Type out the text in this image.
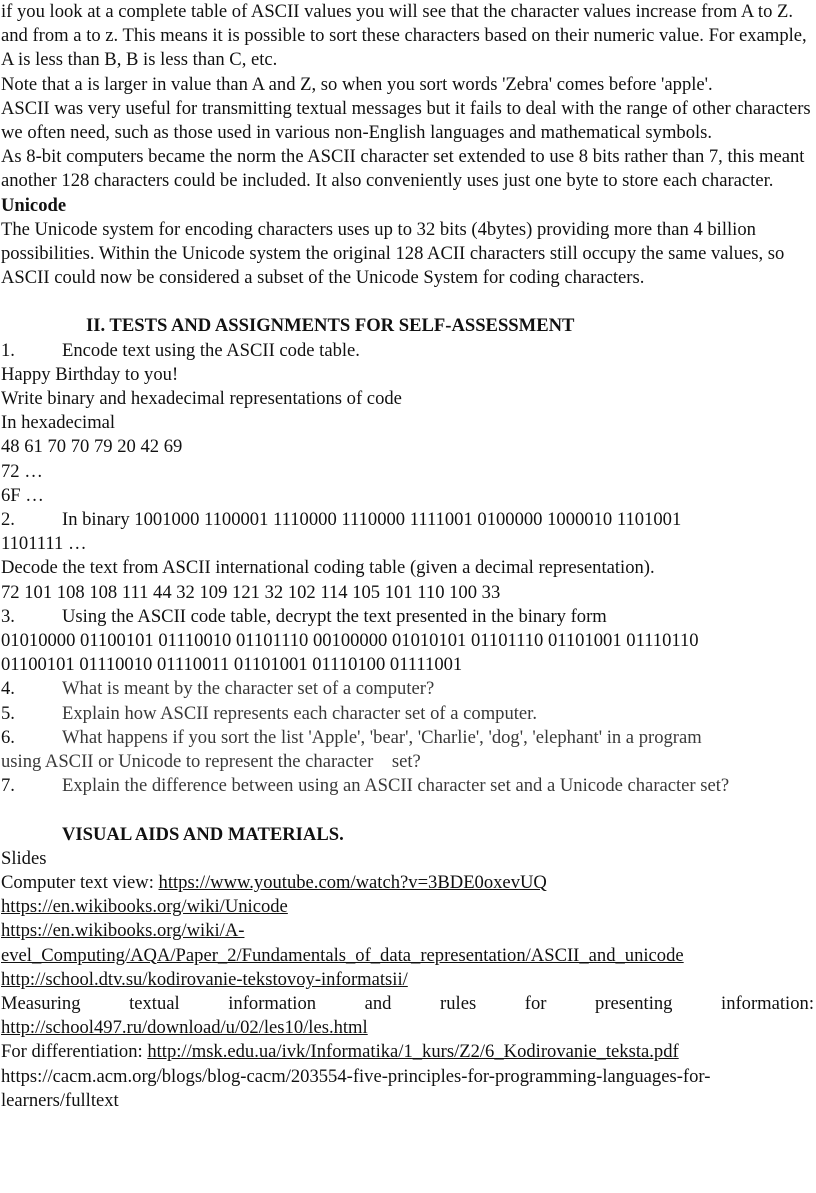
if you look at a complete table of ASCII values you will see that the character values increase from A to Z. and from a to z. This means it is possible to sort these characters based on their numeric value. For example, A is less than B, B is less than C, etc.

Note that a is larger in value than A and Z, so when you sort words 'Zebra' comes before 'apple'.

ASCII was very useful for transmitting textual messages but it fails to deal with the range of other characters we often need, such as those used in various non-English languages and mathematical symbols.

As 8-bit computers became the norm the ASCII character set extended to use 8 bits rather than 7, this meant another 128 characters could be included. It also conveniently uses just one byte to store each character.

Unicode

The Unicode system for encoding characters uses up to 32 bits (4bytes) providing more than 4 billion possibilities. Within the Unicode system the original 128 ACII characters still occupy the same values, so ASCII could now be considered a subset of the Unicode System for coding characters.

II. TESTS AND ASSIGNMENTS FOR SELF-ASSESSMENT

1.	Encode text using the ASCII code table.

Happy Birthday to you!

Write binary and hexadecimal representations of code

In hexadecimal

48 61 70 70 79 20 42 69

72 …

6F …

2.	In binary 1001000 1100001 1110000 1110000 1111001 0100000 1000010 1101001

1101111 …

Decode the text from ASCII international coding table (given a decimal representation).

72 101 108 108 111 44 32 109 121 32 102 114 105 101 110 100 33

3.	Using the ASCII code table, decrypt the text presented in the binary form

01010000 01100101 01110010 01101110 00100000 01010101 01101110 01101001 01110110

01100101 01110010 01110011 01101001 01110100 01111001

4.	What is meant by the character set of a computer?
5.	Explain how ASCII represents each character set of a computer.
6.	What happens if you sort the list 'Apple', 'bear', 'Charlie', 'dog', 'elephant' in a program

using ASCII or Unicode to represent the character    set?

7.	Explain the difference between using an ASCII character set and a Unicode character set?

VISUAL AIDS AND MATERIALS.

Slides

Computer text view: https://www.youtube.com/watch?v=3BDE0oxevUQ

https://en.wikibooks.org/wiki/Unicode

https://en.wikibooks.org/wiki/A-

evel_Computing/AQA/Paper_2/Fundamentals_of_data_representation/ASCII_and_unicode

http://school.dtv.su/kodirovanie-tekstovoy-informatsii/

Measuring	textual	information	and	rules	for	presenting	information:

http://school497.ru/download/u/02/les10/les.html

For differentiation: http://msk.edu.ua/ivk/Informatika/1_kurs/Z2/6_Kodirovanie_teksta.pdf

https://cacm.acm.org/blogs/blog-cacm/203554-five-principles-for-programming-languages-for-

learners/fulltext
